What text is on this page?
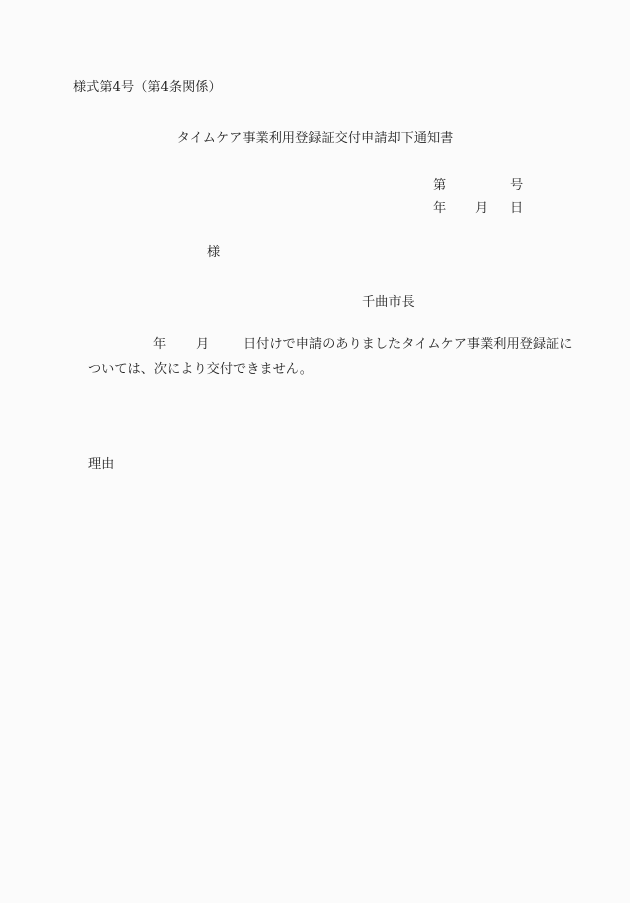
様式第4号（第4条関係）
タイムケア事業利用登録証交付申請却下通知書
第	号
年 月 日
様
千曲市長
年 月	日付けで申請のありましたタイムケア事業利用登録証に
ついては、次により交付できません。
理由
